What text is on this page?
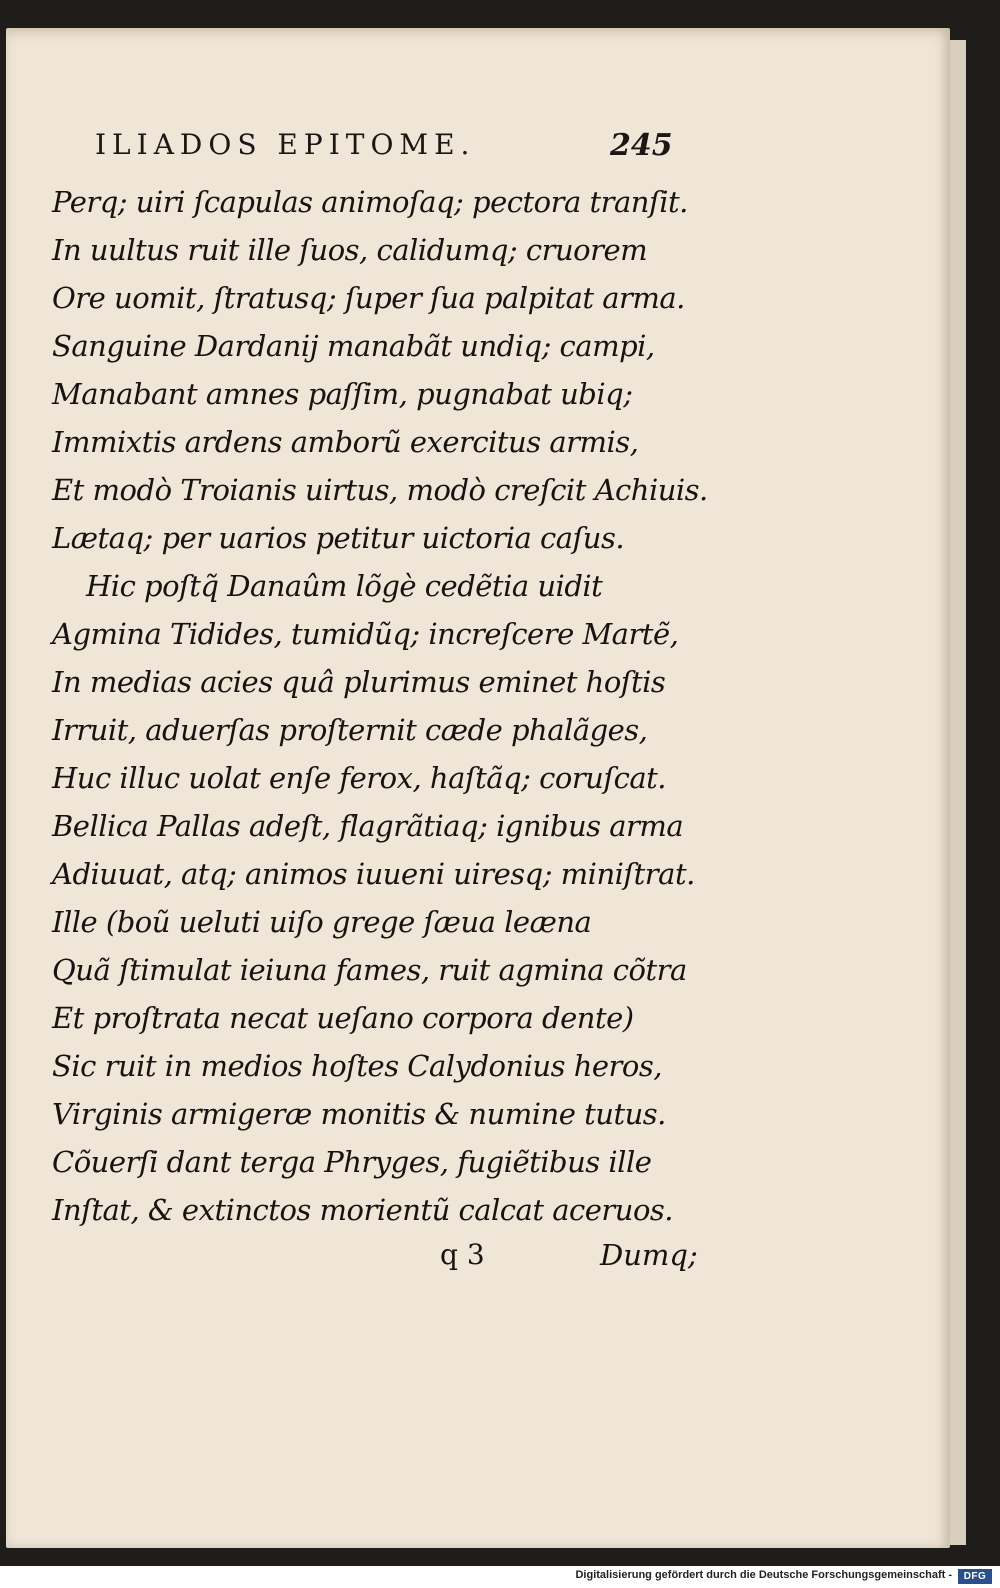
ILIADOS EPITOME.	245
Perq; uiri ſcapulas animoſaq; pectora tranſit.
In uultus ruit ille ſuos, calidumq; cruorem
Ore uomit, ſtratusq; ſuper ſua palpitat arma.
Sanguine Dardanij manabãt undiq; campi,
Manabant amnes paſſim, pugnabat ubiq;
Immixtis ardens amborũ exercitus armis,
Et modò Troianis uirtus, modò creſcit Achiuis.
Lætaq; per uarios petitur uictoria caſus.
Hic poſtq̃ Danaûm lõgè cedẽtia uidit
Agmina Tidides, tumidũq; increſcere Martẽ,
In medias acies quâ plurimus eminet hoſtis
Irruit, aduerſas proſternit cæde phalãges,
Huc illuc uolat enſe ferox, haſtãq; coruſcat.
Bellica Pallas adeſt, flagrãtiaq; ignibus arma
Adiuuat, atq; animos iuueni uiresq; miniſtrat.
Ille (boũ ueluti uiſo grege ſæua leæna
Quã ſtimulat ieiuna fames, ruit agmina cõtra
Et proſtrata necat ueſano corpora dente)
Sic ruit in medios hoſtes Calydonius heros,
Virginis armigeræ monitis & numine tutus.
Cõuerſi dant terga Phryges, fugiẽtibus ille
Inſtat, & extinctos morientũ calcat aceruos.
q 3	Dumq;
Digitalisierung gefördert durch die Deutsche Forschungsgemeinschaft -	DFG
